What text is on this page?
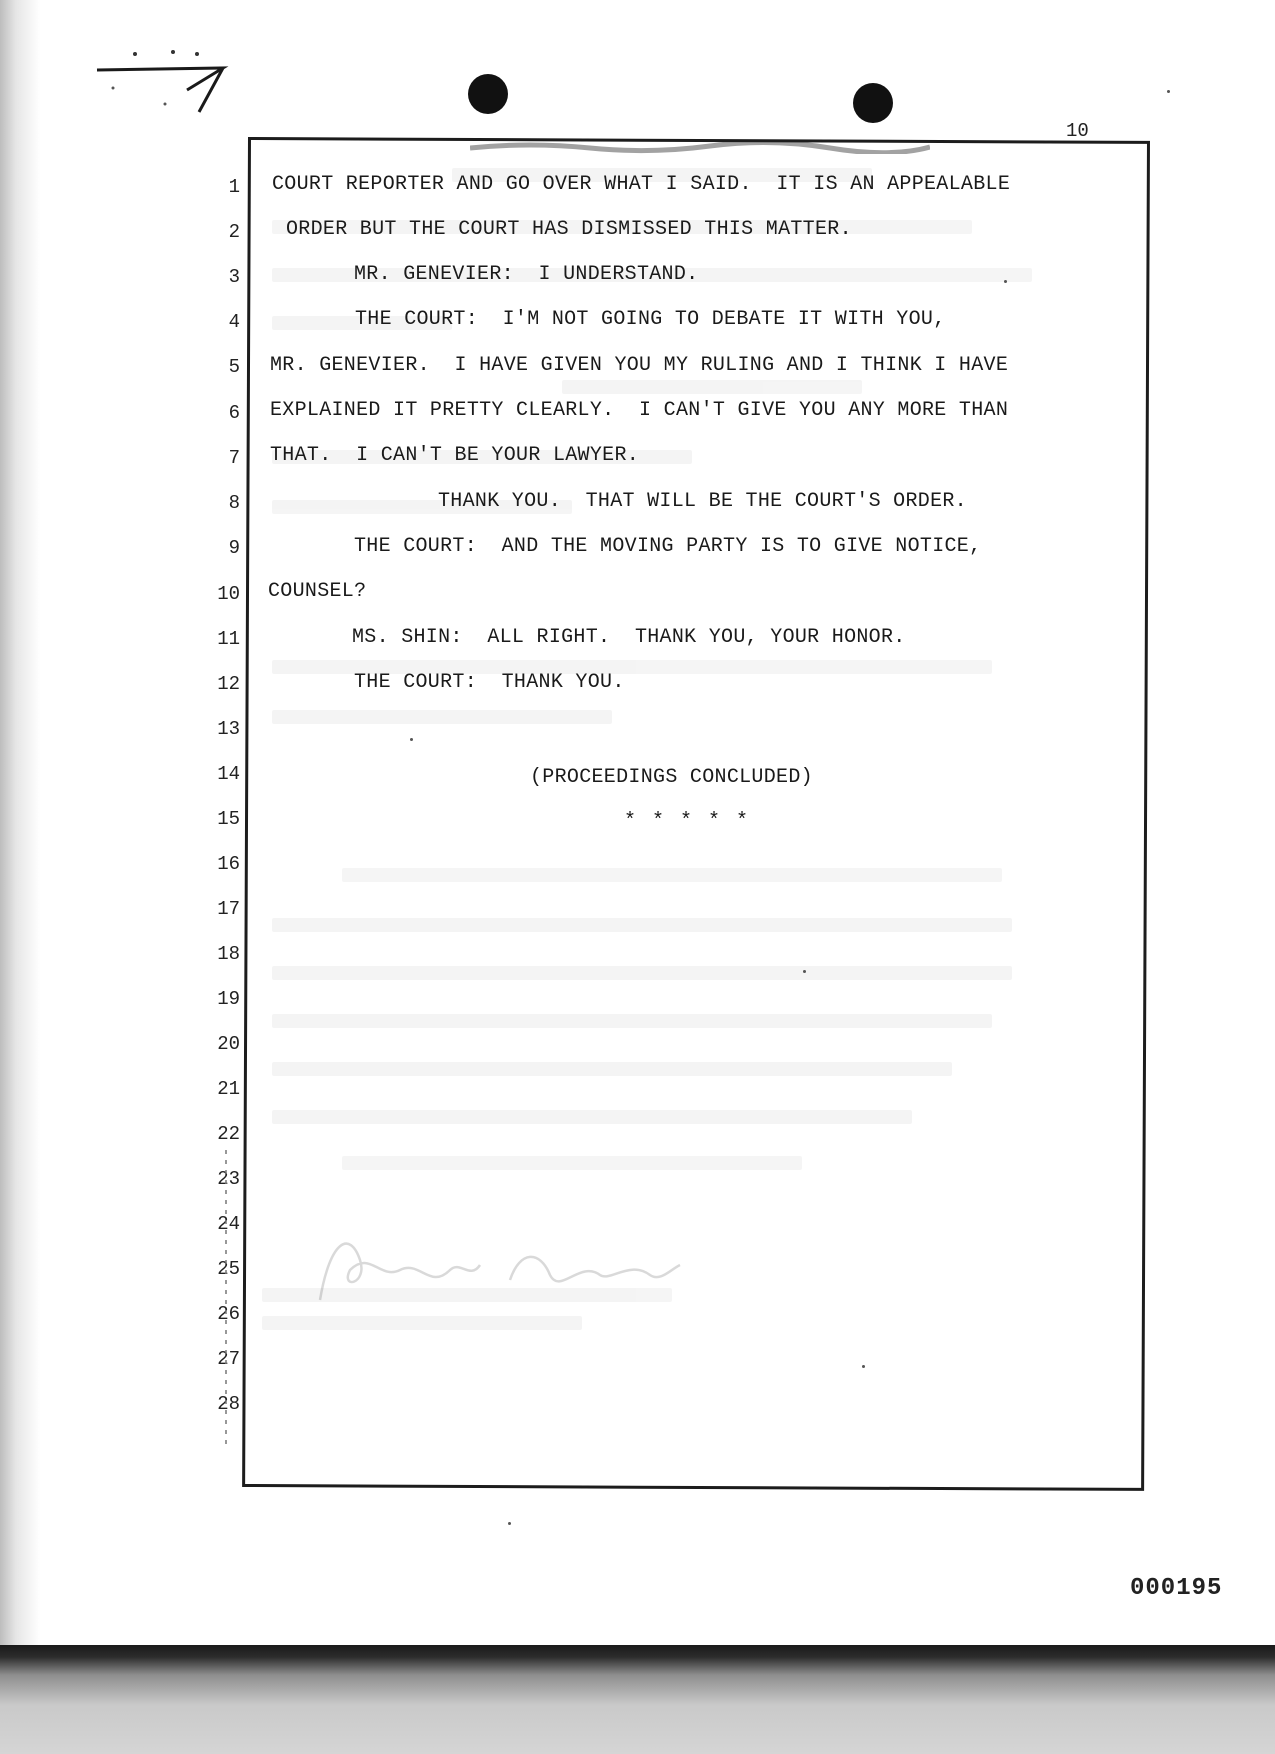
10
1
2
3
4
5
6
7
8
9
10
11
12
13
14
15
16
17
18
19
20
21
22
23
24
25
26
27
28
COURT REPORTER AND GO OVER WHAT I SAID.  IT IS AN APPEALABLE
ORDER BUT THE COURT HAS DISMISSED THIS MATTER.
MR. GENEVIER:  I UNDERSTAND.
THE COURT:  I'M NOT GOING TO DEBATE IT WITH YOU,
MR. GENEVIER.  I HAVE GIVEN YOU MY RULING AND I THINK I HAVE
EXPLAINED IT PRETTY CLEARLY.  I CAN'T GIVE YOU ANY MORE THAN
THAT.  I CAN'T BE YOUR LAWYER.
THANK YOU.  THAT WILL BE THE COURT'S ORDER.
THE COURT:  AND THE MOVING PARTY IS TO GIVE NOTICE,
COUNSEL?
MS. SHIN:  ALL RIGHT.  THANK YOU, YOUR HONOR.
THE COURT:  THANK YOU.
(PROCEEDINGS CONCLUDED)
* * * * *
000195
